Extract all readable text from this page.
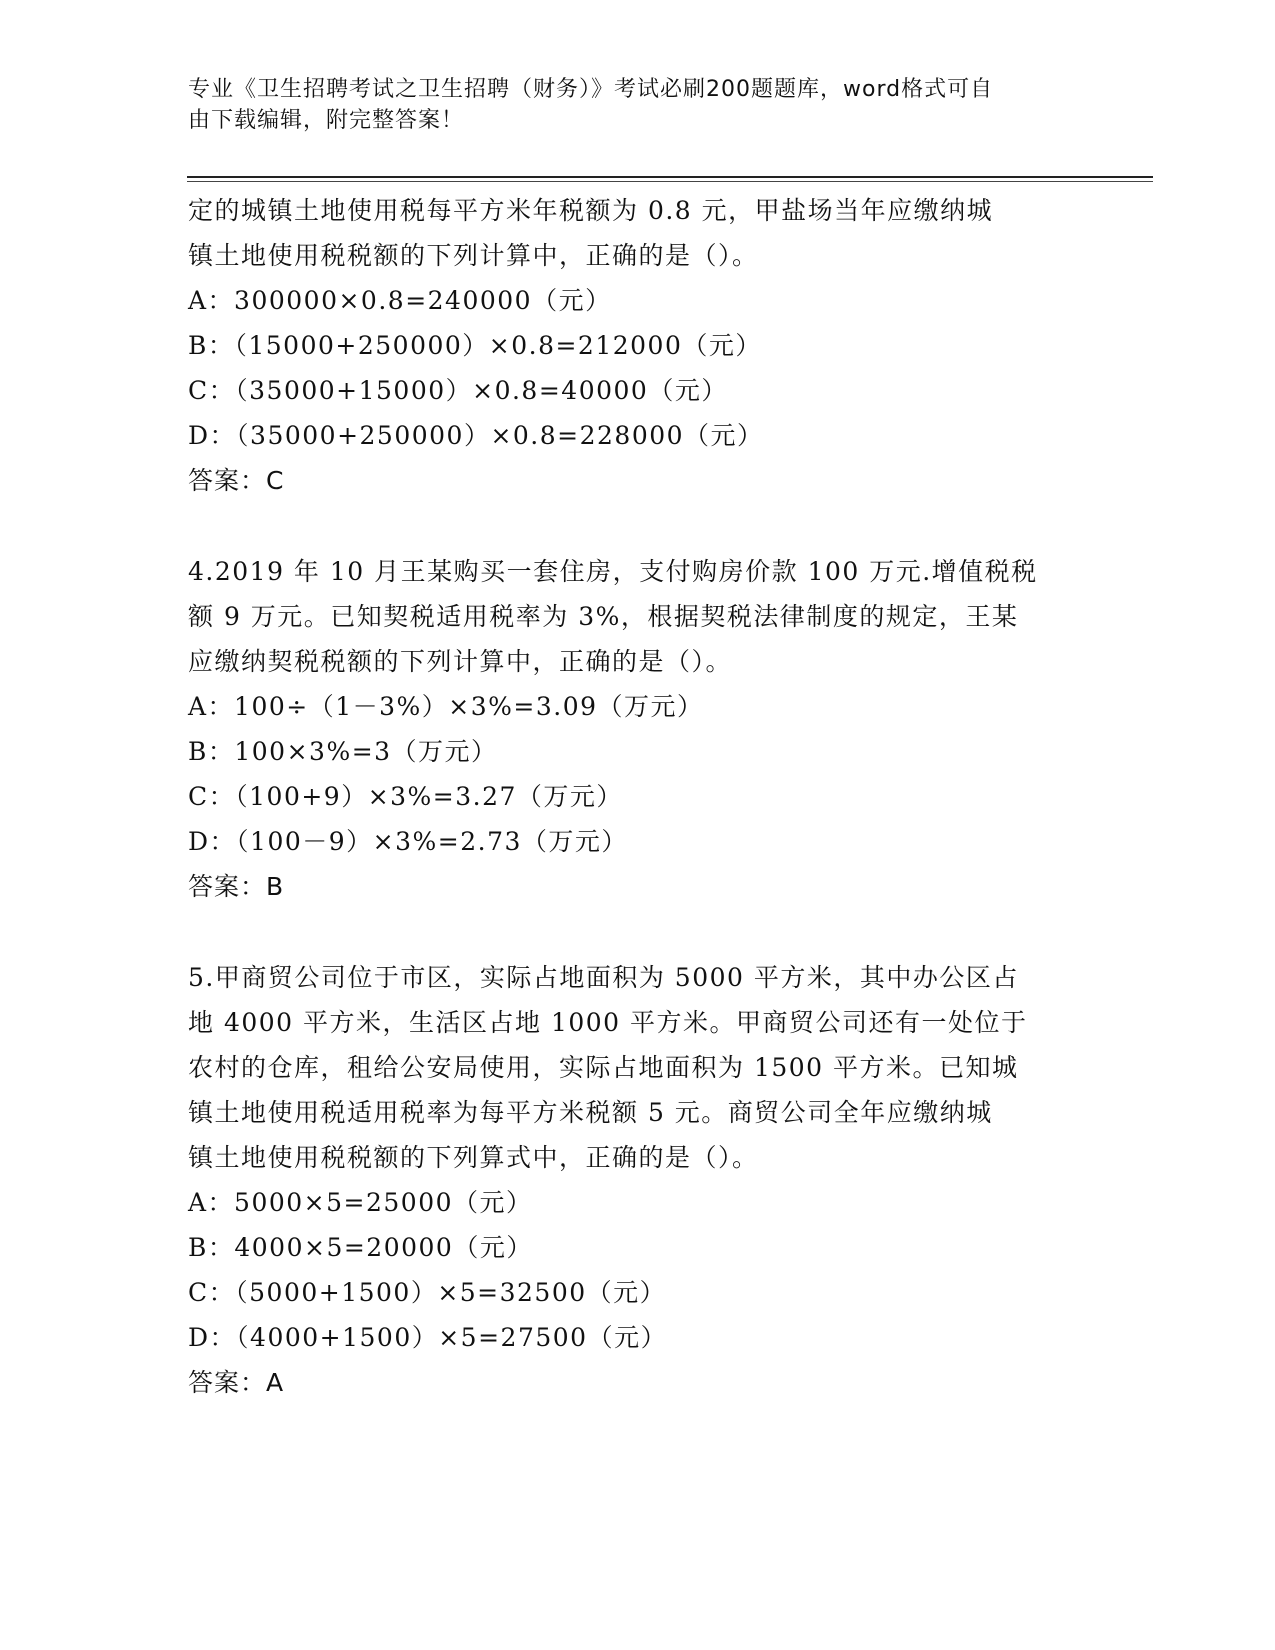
专业《卫生招聘考试之卫生招聘（财务）》考试必刷200题题库，word格式可自
由下载编辑，附完整答案！
定的城镇土地使用税每平方米年税额为 0.8 元，甲盐场当年应缴纳城
镇土地使用税税额的下列计算中，正确的是（）。
A：300000×0.8=240000（元）
B：（15000+250000）×0.8=212000（元）
C：（35000+15000）×0.8=40000（元）
D：（35000+250000）×0.8=228000（元）
答案：C
4.2019 年 10 月王某购买一套住房，支付购房价款 100 万元.增值税税
额 9 万元。已知契税适用税率为 3%，根据契税法律制度的规定，王某
应缴纳契税税额的下列计算中，正确的是（）。
A：100÷（1－3%）×3%=3.09（万元）
B：100×3%=3（万元）
C：（100+9）×3%=3.27（万元）
D：（100－9）×3%=2.73（万元）
答案：B
5.甲商贸公司位于市区，实际占地面积为 5000 平方米，其中办公区占
地 4000 平方米，生活区占地 1000 平方米。甲商贸公司还有一处位于
农村的仓库，租给公安局使用，实际占地面积为 1500 平方米。已知城
镇土地使用税适用税率为每平方米税额 5 元。商贸公司全年应缴纳城
镇土地使用税税额的下列算式中，正确的是（）。
A：5000×5=25000（元）
B：4000×5=20000（元）
C：（5000+1500）×5=32500（元）
D：（4000+1500）×5=27500（元）
答案：A
